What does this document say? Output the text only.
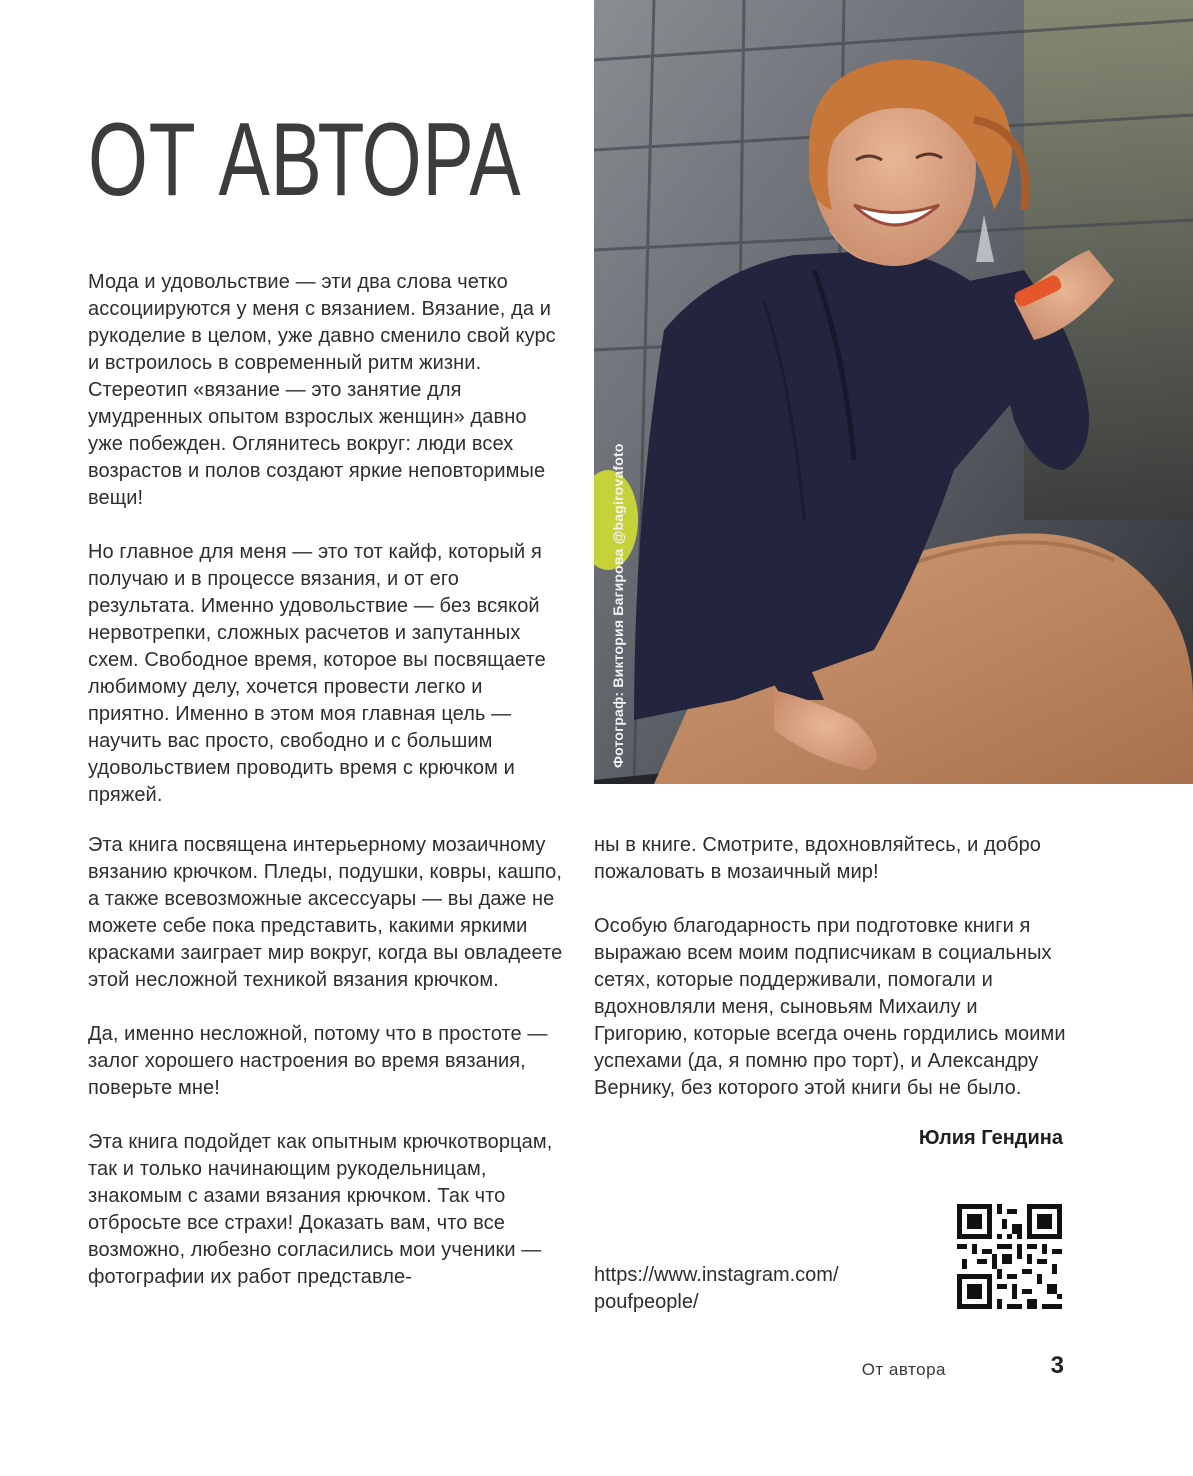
ОТ АВТОРА
Фотограф: Виктория Багирова @bagirovafoto

Мода и удовольствие — эти два слова четко ассоциируются у меня с вязанием. Вязание, да и рукоделие в целом, уже давно сменило свой курс и встроилось в современный ритм жизни. Стереотип «вязание — это занятие для умудренных опытом взрослых женщин» давно уже побежден. Оглянитесь вокруг: люди всех возрастов и полов создают яркие неповторимые вещи!

Но главное для меня — это тот кайф, который я получаю и в процессе вязания, и от его результата. Именно удовольствие — без всякой нервотрепки, сложных расчетов и запутанных схем. Свободное время, которое вы посвящаете любимому делу, хочется провести легко и приятно. Именно в этом моя главная цель — научить вас просто, свободно и с большим удовольствием проводить время с крючком и пряжей.

Эта книга посвящена интерьерному мозаичному вязанию крючком. Пледы, подушки, ковры, кашпо, а также всевозможные аксессуары — вы даже не можете себе пока представить, какими яркими красками заиграет мир вокруг, когда вы овладеете этой несложной техникой вязания крючком.

Да, именно несложной, потому что в простоте — залог хорошего настроения во время вязания, поверьте мне!

Эта книга подойдет как опытным крючкотворцам, так и только начинающим рукодельницам, знакомым с азами вязания крючком. Так что отбросьте все страхи! Доказать вам, что все возможно, любезно согласились мои ученики — фотографии их работ представле-

ны в книге. Смотрите, вдохновляйтесь, и добро пожаловать в мозаичный мир!

Особую благодарность при подготовке книги я выражаю всем моим подписчикам в социальных сетях, которые поддерживали, помогали и вдохновляли меня, сыновьям Михаилу и Григорию, которые всегда очень гордились моими успехами (да, я помню про торт), и Александру Вернику, без которого этой книги бы не было.

Юлия Гендина
https://www.instagram.com/
poufpeople/
От автора	3
